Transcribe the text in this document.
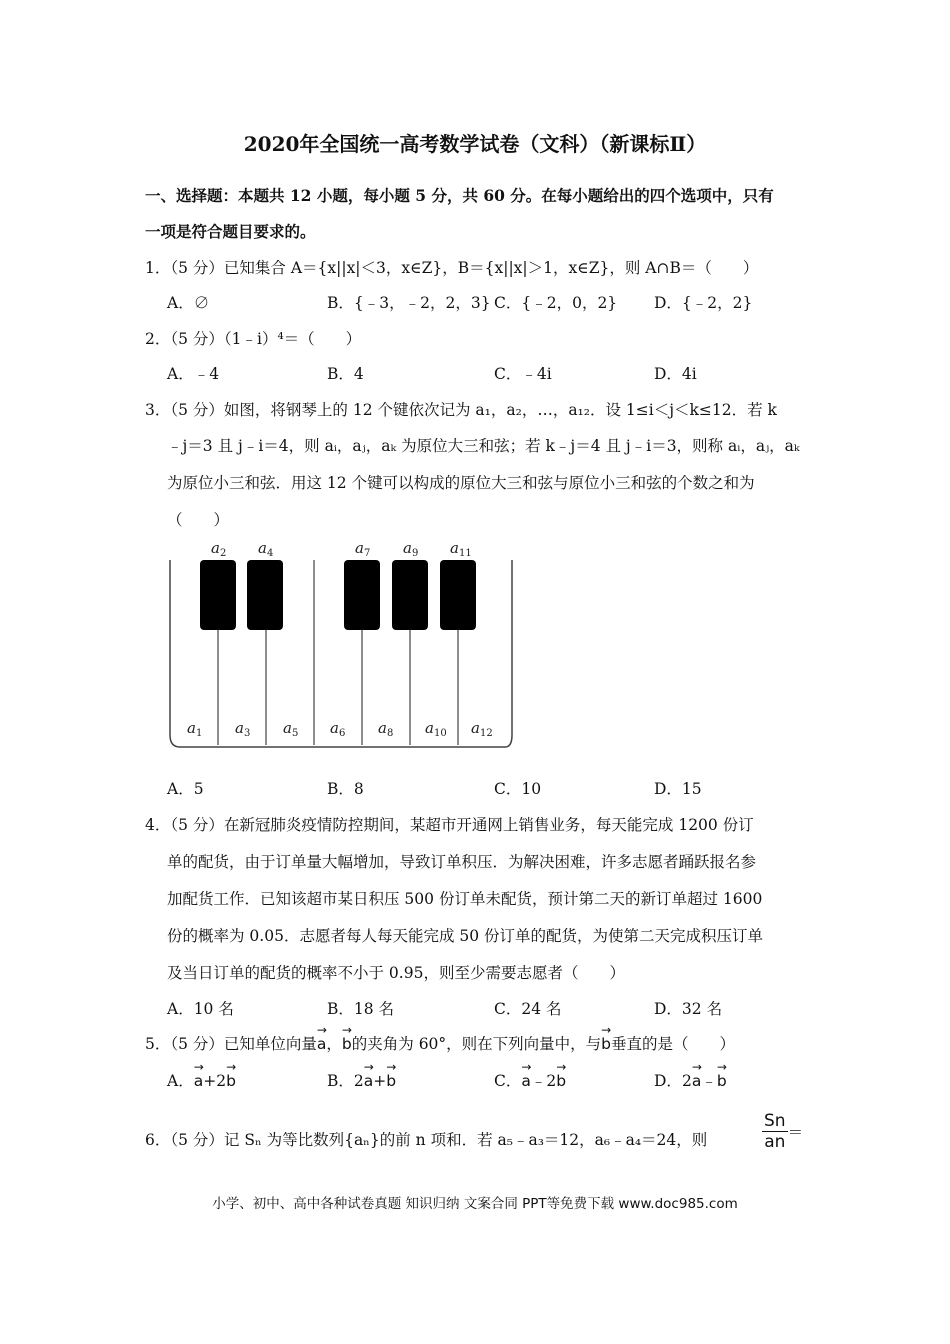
2020年全国统一高考数学试卷（文科）（新课标Ⅱ）
一、选择题：本题共 12 小题，每小题 5 分，共 60 分。在每小题给出的四个选项中，只有
一项是符合题目要求的。
1．（5 分）已知集合 A＝{x||x|＜3，x∈Z}，B＝{x||x|＞1，x∈Z}，则 A∩B＝（　　）
A．∅	B．{﹣3，﹣2，2，3} C．{﹣2，0，2} D．{﹣2，2}
2．（5 分）（1﹣i）⁴＝（　　）
A．﹣4	B．4	C．﹣4i	D．4i
3．（5 分）如图，将钢琴上的 12 个键依次记为 a₁，a₂，…，a₁₂．设 1≤i＜j＜k≤12．若 k
﹣j＝3 且 j﹣i＝4，则 aᵢ，aⱼ，aₖ 为原位大三和弦；若 k﹣j＝4 且 j﹣i＝3，则称 aᵢ，aⱼ，aₖ
为原位小三和弦．用这 12 个键可以构成的原位大三和弦与原位小三和弦的个数之和为
（　　）
$a_2$ $a_4$	$a_7$ $a_9$ $a_{11}$
$a_1$ $a_3$ $a_5$ $a_6$ $a_8$ $a_{10}$ $a_{12}$
A．5	B．8	C．10	D．15
4．（5 分）在新冠肺炎疫情防控期间，某超市开通网上销售业务，每天能完成 1200 份订
单的配货，由于订单量大幅增加，导致订单积压．为解决困难，许多志愿者踊跃报名参
加配货工作．已知该超市某日积压 500 份订单未配货，预计第二天的新订单超过 1600
份的概率为 0.05．志愿者每人每天能完成 50 份订单的配货，为使第二天完成积压订单
及当日订单的配货的概率不小于 0.95，则至少需要志愿者（　　）
A．10 名	B．18 名	C．24 名	D．32 名
5．（5 分）已知单位向量→ a，→ b的夹角为 60°，则在下列向量中，与→ b垂直的是（　　）
A．→ a+2→ b	B．2→ a+→ b	C．→ a﹣2→ b	D．2→ a﹣→ b
6．（5 分）记 Sₙ 为等比数列{aₙ}的前 n 项和．若 a₅﹣a₃＝12，a₆﹣a₄＝24，则	$\frac{Sn}{an}$ ＝
小学、初中、高中各种试卷真题 知识归纳 文案合同 PPT等免费下载 www.doc985.com
